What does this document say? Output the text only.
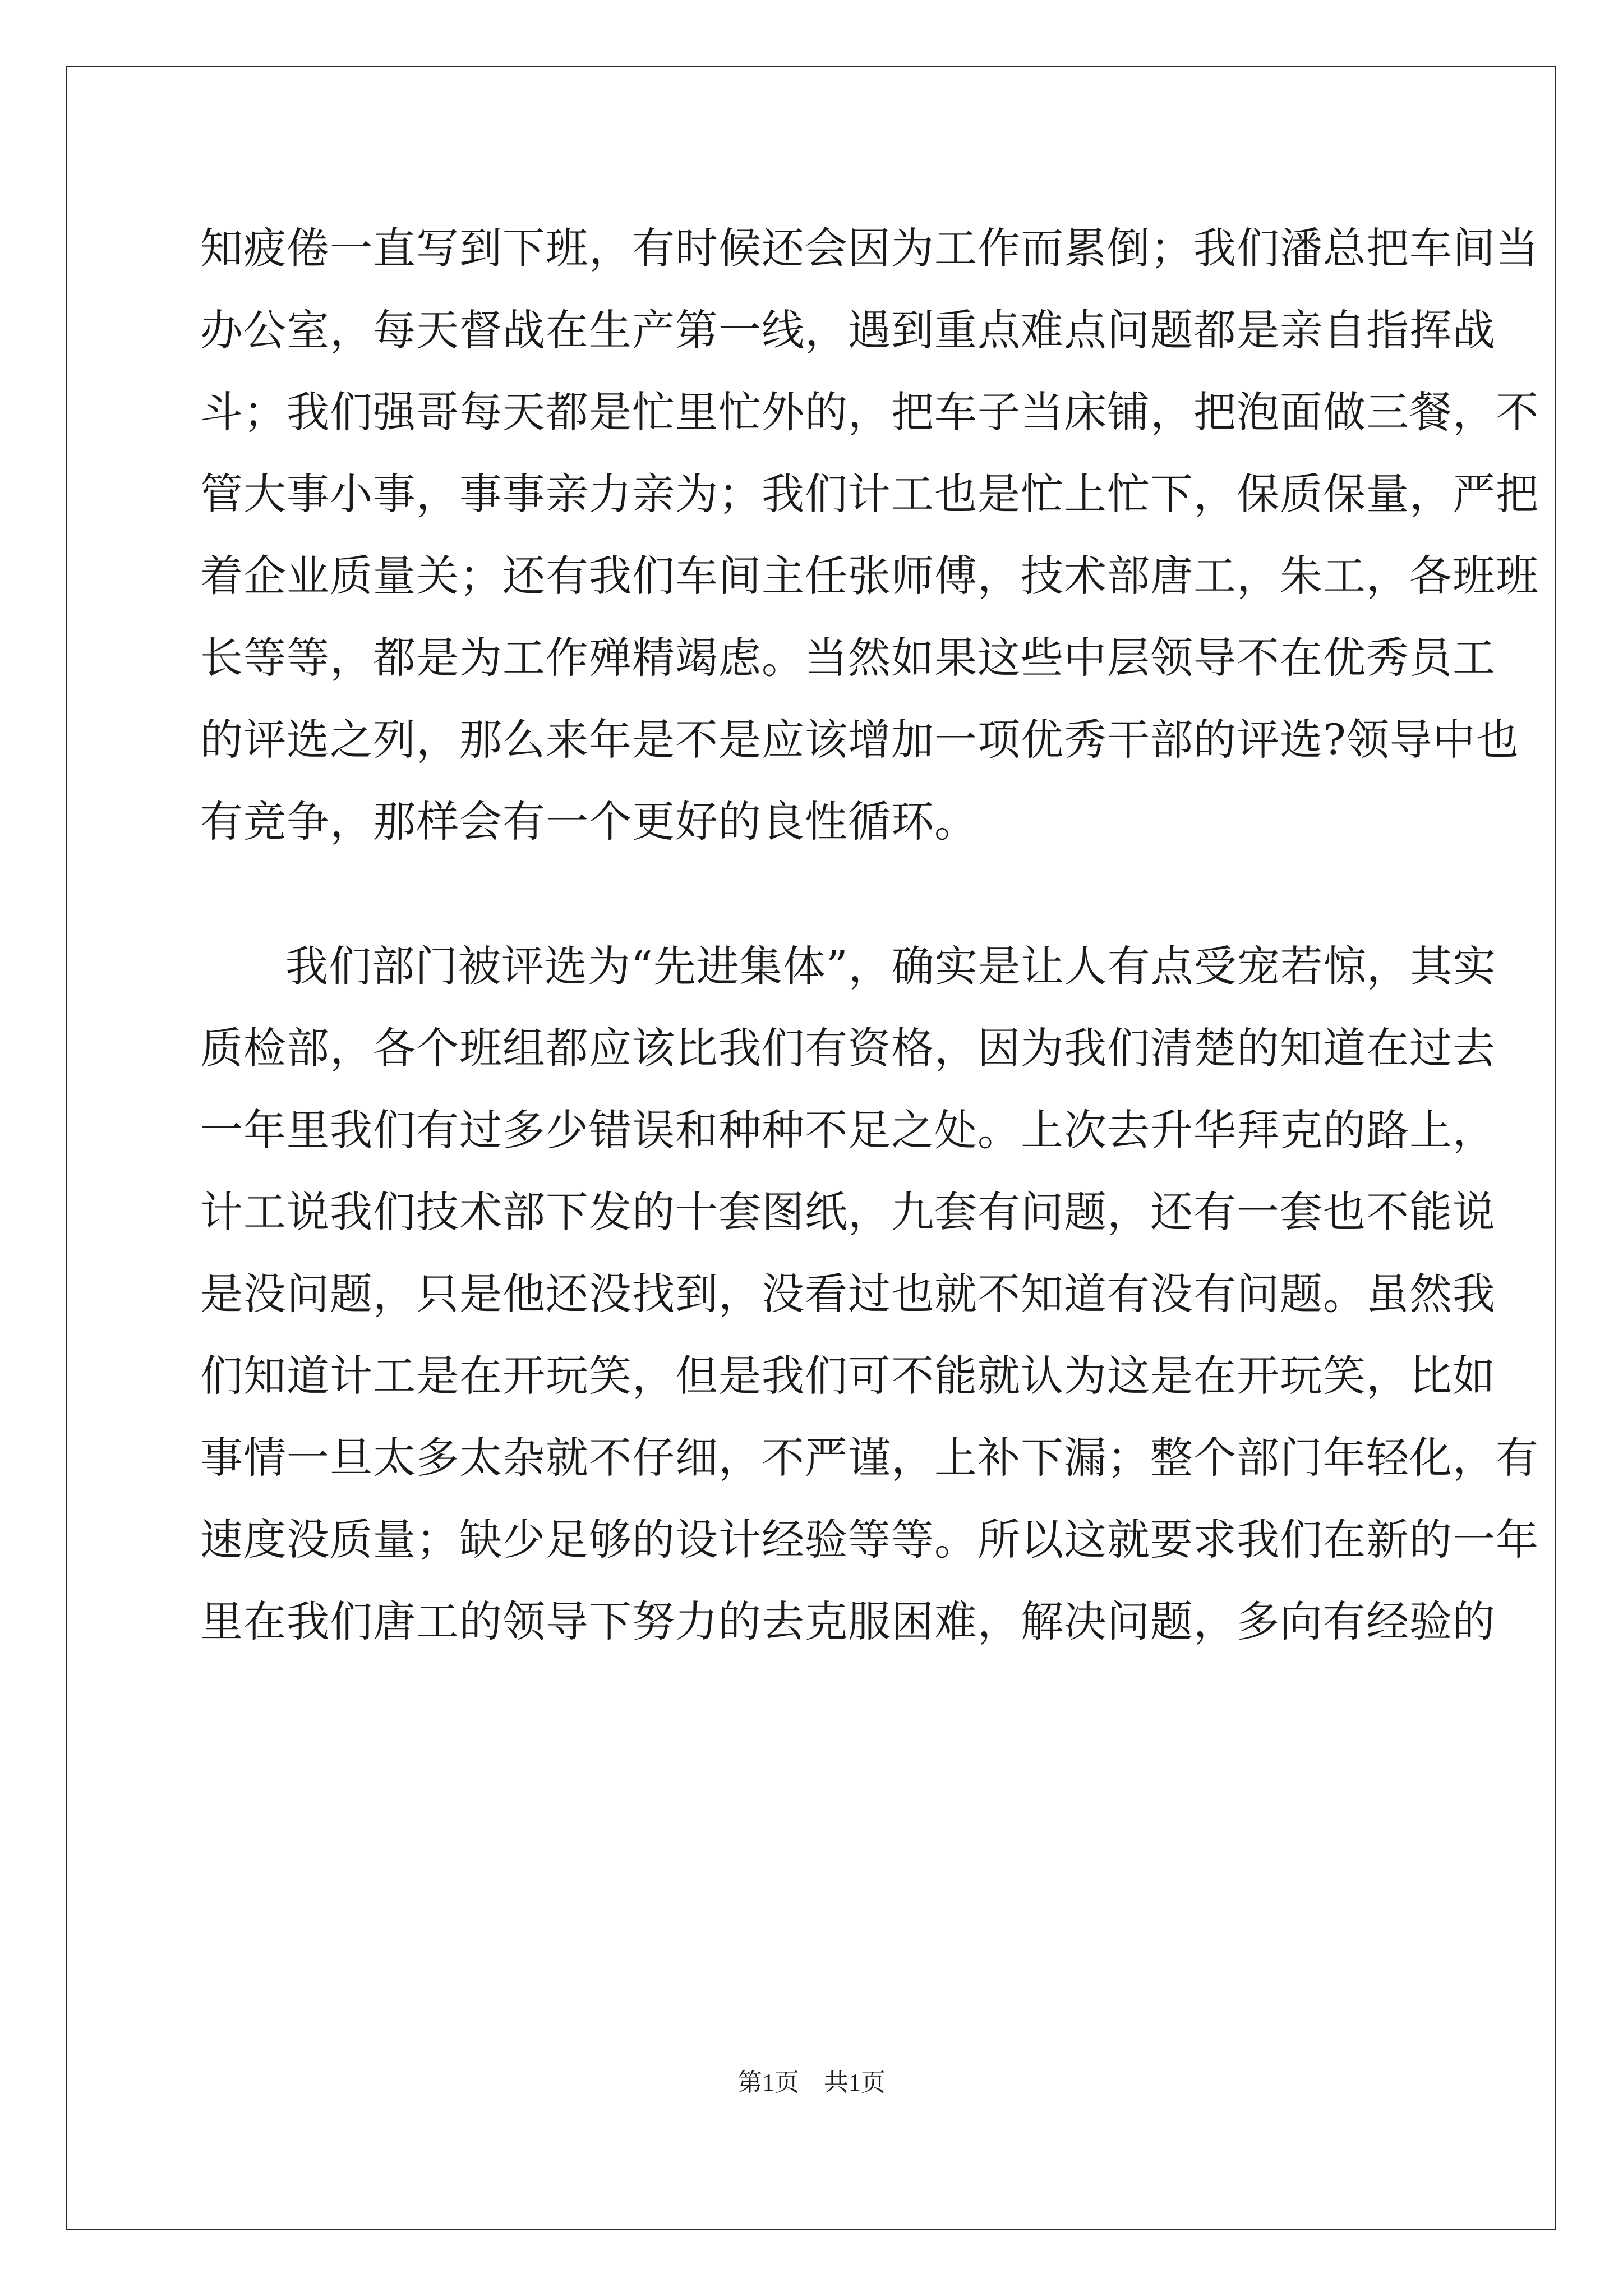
知疲倦一直写到下班，有时候还会因为工作而累倒；我们潘总把车间当
办公室，每天督战在生产第一线，遇到重点难点问题都是亲自指挥战
斗；我们强哥每天都是忙里忙外的，把车子当床铺，把泡面做三餐，不
管大事小事，事事亲力亲为；我们计工也是忙上忙下，保质保量，严把
着企业质量关；还有我们车间主任张师傅，技术部唐工，朱工，各班班
长等等，都是为工作殚精竭虑。当然如果这些中层领导不在优秀员工
的评选之列，那么来年是不是应该增加一项优秀干部的评选?领导中也
有竞争，那样会有一个更好的良性循环。
我们部门被评选为“先进集体”，确实是让人有点受宠若惊，其实
质检部，各个班组都应该比我们有资格，因为我们清楚的知道在过去
一年里我们有过多少错误和种种不足之处。上次去升华拜克的路上，
计工说我们技术部下发的十套图纸，九套有问题，还有一套也不能说
是没问题，只是他还没找到，没看过也就不知道有没有问题。虽然我
们知道计工是在开玩笑，但是我们可不能就认为这是在开玩笑，比如
事情一旦太多太杂就不仔细，不严谨，上补下漏；整个部门年轻化，有
速度没质量；缺少足够的设计经验等等。所以这就要求我们在新的一年
里在我们唐工的领导下努力的去克服困难，解决问题，多向有经验的
第1页　共1页
